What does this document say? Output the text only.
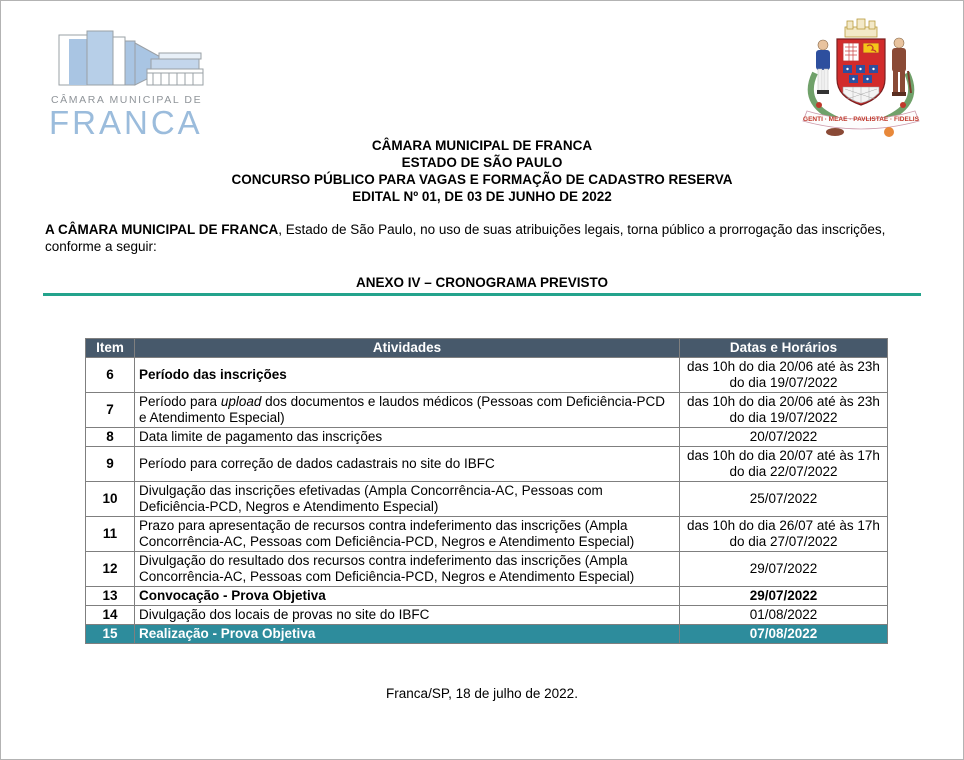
CÂMARA MUNICIPAL DE
FRANCA	GENTI · MEAE · PAVLISTAE · FIDELIS
CÂMARA MUNICIPAL DE FRANCA
ESTADO DE SÃO PAULO
CONCURSO PÚBLICO PARA VAGAS E FORMAÇÃO DE CADASTRO RESERVA
EDITAL Nº 01, DE 03 DE JUNHO DE 2022

A CÂMARA MUNICIPAL DE FRANCA, Estado de São Paulo, no uso de suas atribuições legais, torna público a prorrogação das inscrições, conforme a seguir:

ANEXO IV – CRONOGRAMA PREVISTO
Item	Atividades	Datas e Horários
6	Período das inscrições	das 10h do dia 20/06 até às 23h do dia 19/07/2022
7	Período para upload dos documentos e laudos médicos (Pessoas com Deficiência-PCD e Atendimento Especial)	das 10h do dia 20/06 até às 23h do dia 19/07/2022
8	Data limite de pagamento das inscrições	20/07/2022
9	Período para correção de dados cadastrais no site do IBFC	das 10h do dia 20/07 até às 17h do dia 22/07/2022
10	Divulgação das inscrições efetivadas (Ampla Concorrência-AC, Pessoas com Deficiência-PCD, Negros e Atendimento Especial)	25/07/2022
11	Prazo para apresentação de recursos contra indeferimento das inscrições (Ampla Concorrência-AC, Pessoas com Deficiência-PCD, Negros e Atendimento Especial)	das 10h do dia 26/07 até às 17h do dia 27/07/2022
12	Divulgação do resultado dos recursos contra indeferimento das inscrições (Ampla Concorrência-AC, Pessoas com Deficiência-PCD, Negros e Atendimento Especial)	29/07/2022
13	Convocação - Prova Objetiva	29/07/2022
14	Divulgação dos locais de provas no site do IBFC	01/08/2022
15	Realização - Prova Objetiva	07/08/2022
Franca/SP, 18 de julho de 2022.
